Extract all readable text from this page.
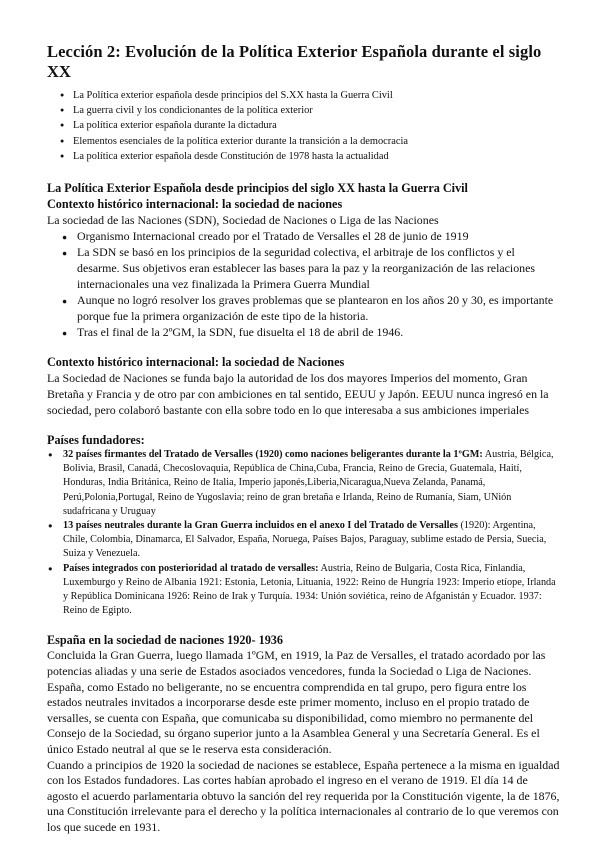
Lección 2: Evolución de la Política Exterior Española durante el siglo XX
● La Política exterior española desde principios del S.XX hasta la Guerra Civil
● La guerra civil y los condicionantes de la política exterior
● La política exterior española durante la dictadura
● Elementos esenciales de la política exterior durante la transición a la democracia
● La política exterior española desde Constitución de 1978 hasta la actualidad
La Política Exterior Española desde principios del siglo XX hasta la Guerra Civil
Contexto histórico internacional: la sociedad de naciones

La sociedad de las Naciones (SDN), Sociedad de Naciones o Liga de las Naciones

● Organismo Internacional creado por el Tratado de Versalles el 28 de junio de 1919
● La SDN se basó en los principios de la seguridad colectiva, el arbitraje de los conflictos y el desarme. Sus objetivos eran establecer las bases para la paz y la reorganización de las relaciones internacionales una vez finalizada la Primera Guerra Mundial
● Aunque no logró resolver los graves problemas que se plantearon en los años 20 y 30, es importante porque fue la primera organización de este tipo de la historia.
● Tras el final de la 2ºGM, la SDN, fue disuelta el 18 de abril de 1946.
Contexto histórico internacional: la sociedad de Naciones

La Sociedad de Naciones se funda bajo la autoridad de los dos mayores Imperios del momento, Gran Bretaña y Francia y de otro par con ambiciones en tal sentido, EEUU y Japón. EEUU nunca ingresó en la sociedad, pero colaboró bastante con ella sobre todo en lo que interesaba a sus ambiciones imperiales

Países fundadores:
● 32 países firmantes del Tratado de Versalles (1920) como naciones beligerantes durante la 1ºGM: Austria, Bélgica, Bolivia, Brasil, Canadá, Checoslovaquia, República de China,Cuba, Francia, Reino de Grecia, Guatemala, Haití, Honduras, India Británica, Reino de Italia, Imperio japonés,Liberia,Nicaragua,Nueva Zelanda, Panamá, Perú,Polonia,Portugal, Reino de Yugoslavia; reino de gran bretaña e Irlanda, Reino de Rumanía, Siam, UNión sudafricana y Uruguay
● 13 países neutrales durante la Gran Guerra incluidos en el anexo I del Tratado de Versalles (1920): Argentina, Chile, Colombia, Dinamarca, El Salvador, España, Noruega, Países Bajos, Paraguay, sublime estado de Persia, Suecia, Suiza y Venezuela.
● Países integrados con posterioridad al tratado de versalles: Austria, Reino de Bulgaria, Costa Rica, Finlandia, Luxemburgo y Reino de Albania 1921: Estonia, Letonia, Lituania, 1922: Reino de Hungría 1923: Imperio etíope, Irlanda y República Dominicana 1926: Reino de Irak y Turquía. 1934: Unión soviética, reino de Afganistán y Ecuador. 1937: Reino de Egipto.
España en la sociedad de naciones 1920- 1936

Concluida la Gran Guerra, luego llamada 1ºGM, en 1919, la Paz de Versalles, el tratado acordado por las potencias aliadas y una serie de Estados asociados vencedores, funda la Sociedad o Liga de Naciones. España, como Estado no beligerante, no se encuentra comprendida en tal grupo, pero figura entre los estados neutrales invitados a incorporarse desde este primer momento, incluso en el propio tratado de versalles, se cuenta con España, que comunicaba su disponibilidad, como miembro no permanente del Consejo de la Sociedad, su órgano superior junto a la Asamblea General y una Secretaría General. Es el único Estado neutral al que se le reserva esta consideración.

Cuando a principios de 1920 la sociedad de naciones se establece, España pertenece a la misma en igualdad con los Estados fundadores. Las cortes habían aprobado el ingreso en el verano de 1919. El día 14 de agosto el acuerdo parlamentaria obtuvo la sanción del rey requerida por la Constitución vigente, la de 1876, una Constitución irrelevante para el derecho y la política internacionales al contrario de lo que veremos con los que sucede en 1931.
